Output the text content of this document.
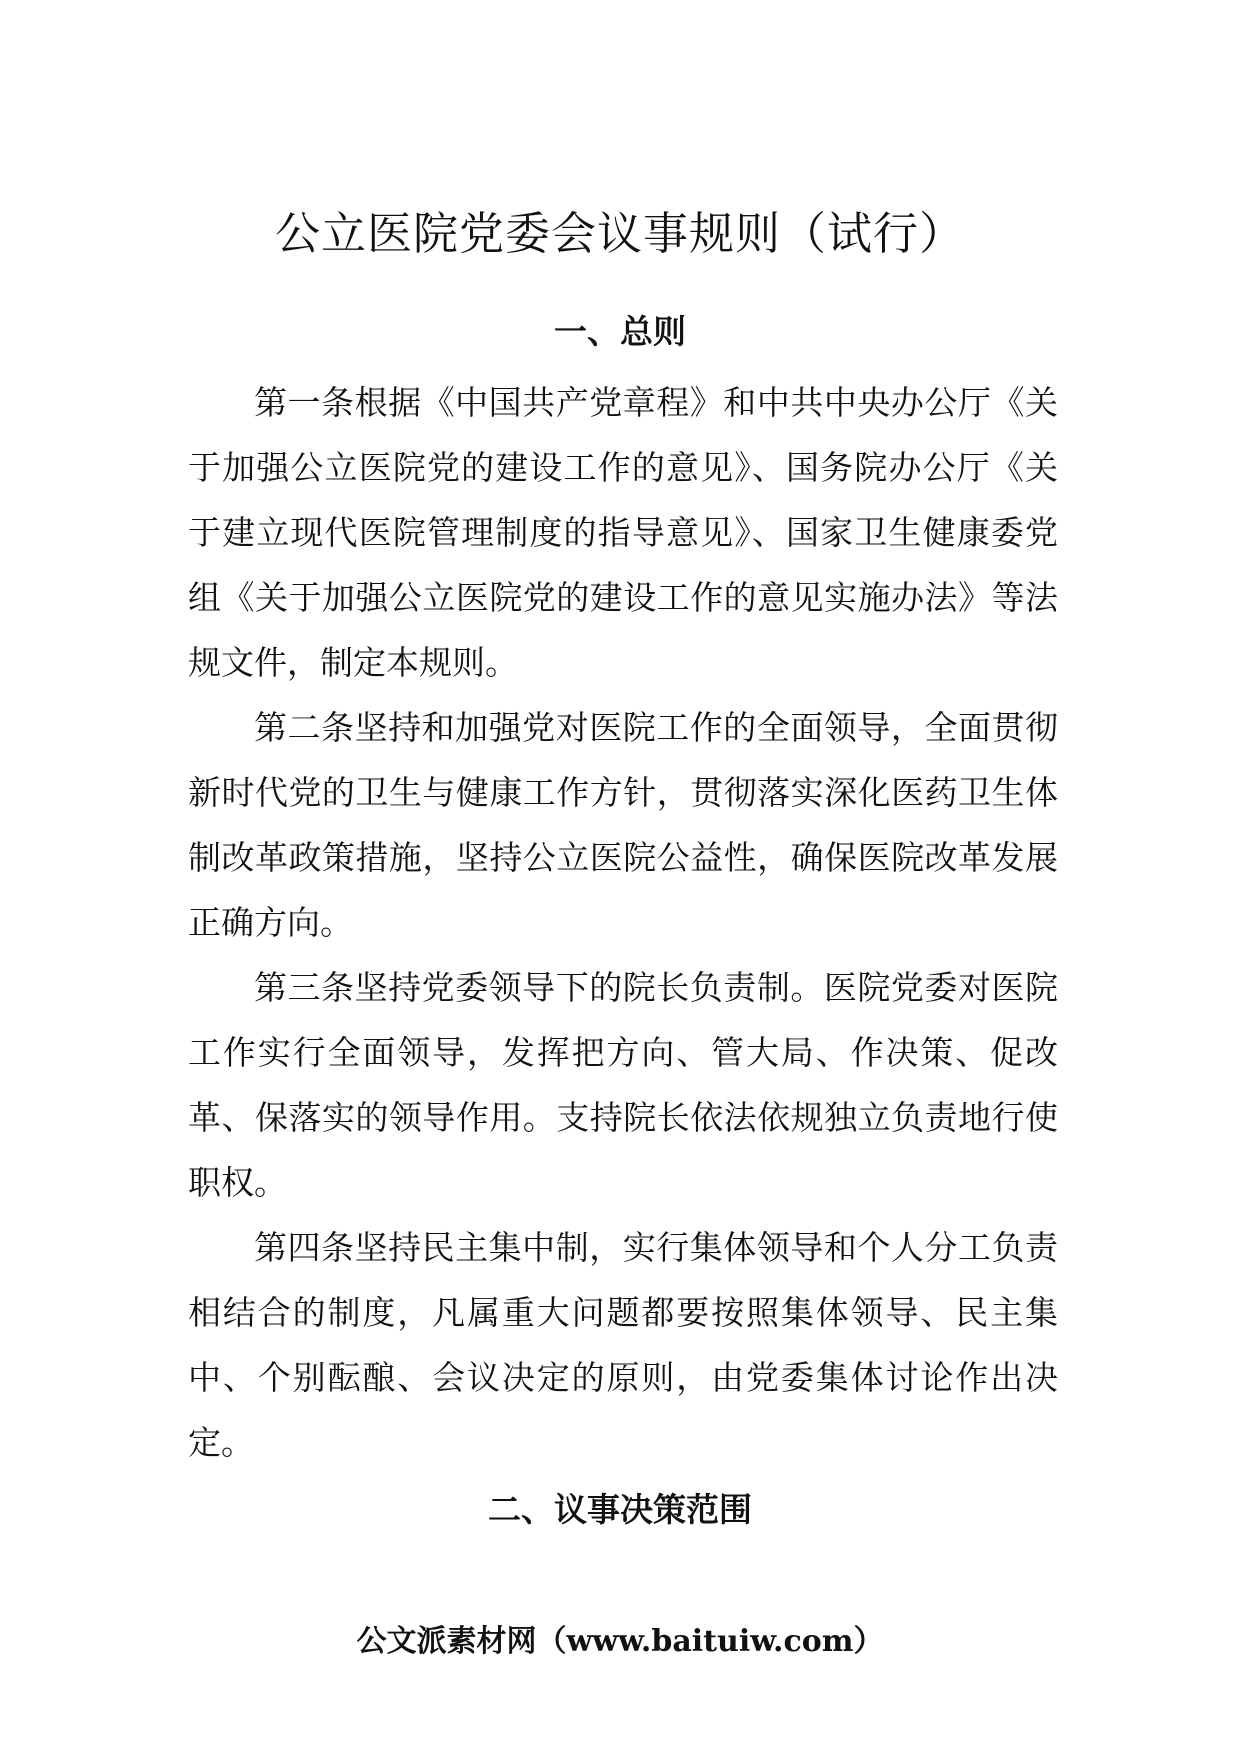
公立医院党委会议事规则（试行）
一、总则

第一条根据《中国共产党章程》和中共中央办公厅《关于加强公立医院党的建设工作的意见》、国务院办公厅《关于建立现代医院管理制度的指导意见》、国家卫生健康委党组《关于加强公立医院党的建设工作的意见实施办法》等法规文件，制定本规则。

第二条坚持和加强党对医院工作的全面领导，全面贯彻新时代党的卫生与健康工作方针，贯彻落实深化医药卫生体制改革政策措施，坚持公立医院公益性，确保医院改革发展正确方向。

第三条坚持党委领导下的院长负责制。医院党委对医院工作实行全面领导，发挥把方向、管大局、作决策、促改革、保落实的领导作用。支持院长依法依规独立负责地行使职权。

第四条坚持民主集中制，实行集体领导和个人分工负责相结合的制度，凡属重大问题都要按照集体领导、民主集中、个别酝酿、会议决定的原则，由党委集体讨论作出决定。

二、议事决策范围

公文派素材网（www.baituiw.com）
